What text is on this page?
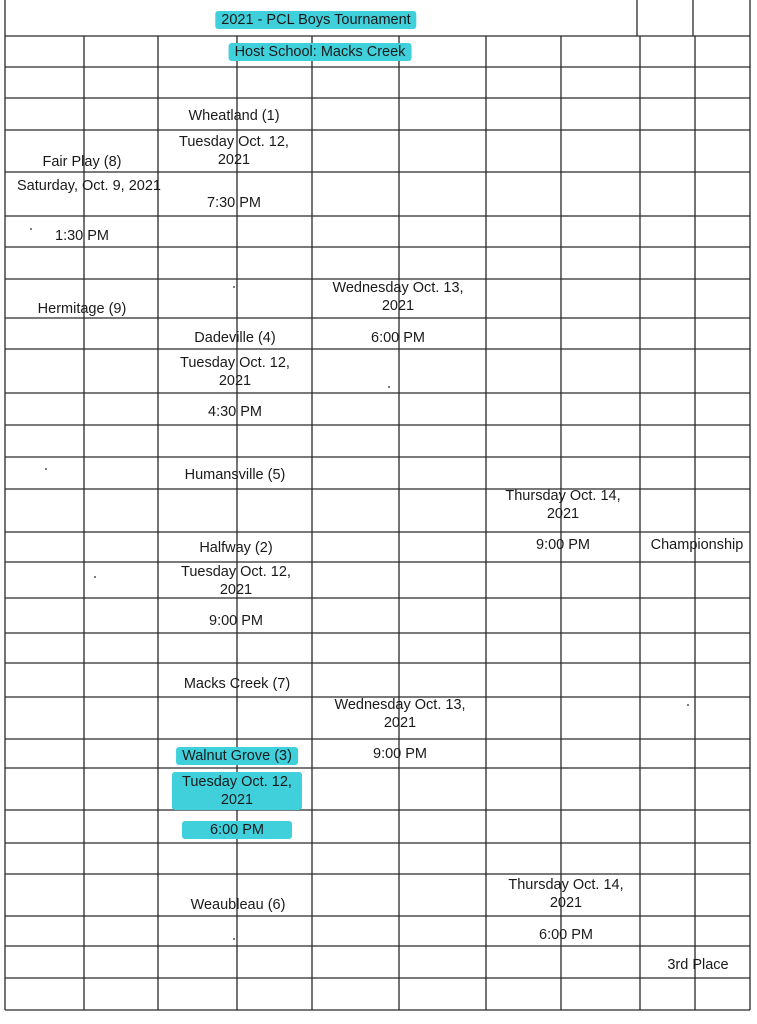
2021 - PCL Boys Tournament
Host School: Macks Creek
Fair Play (8)
Saturday, Oct. 9, 2021
1:30 PM
Hermitage (9)
Wheatland (1)
Tuesday Oct. 12, 2021
7:30 PM
Dadeville (4)
Tuesday Oct. 12, 2021
4:30 PM
Humansville (5)
Halfway (2)
Tuesday Oct. 12, 2021
9:00 PM
Macks Creek (7)
Walnut Grove (3)
Tuesday Oct. 12, 2021
6:00 PM
Weaubleau (6)
Wednesday Oct. 13, 2021
6:00 PM
Wednesday Oct. 13, 2021
9:00 PM
Thursday Oct. 14, 2021
9:00 PM	Championship
Thursday Oct. 14, 2021
6:00 PM
3rd Place
